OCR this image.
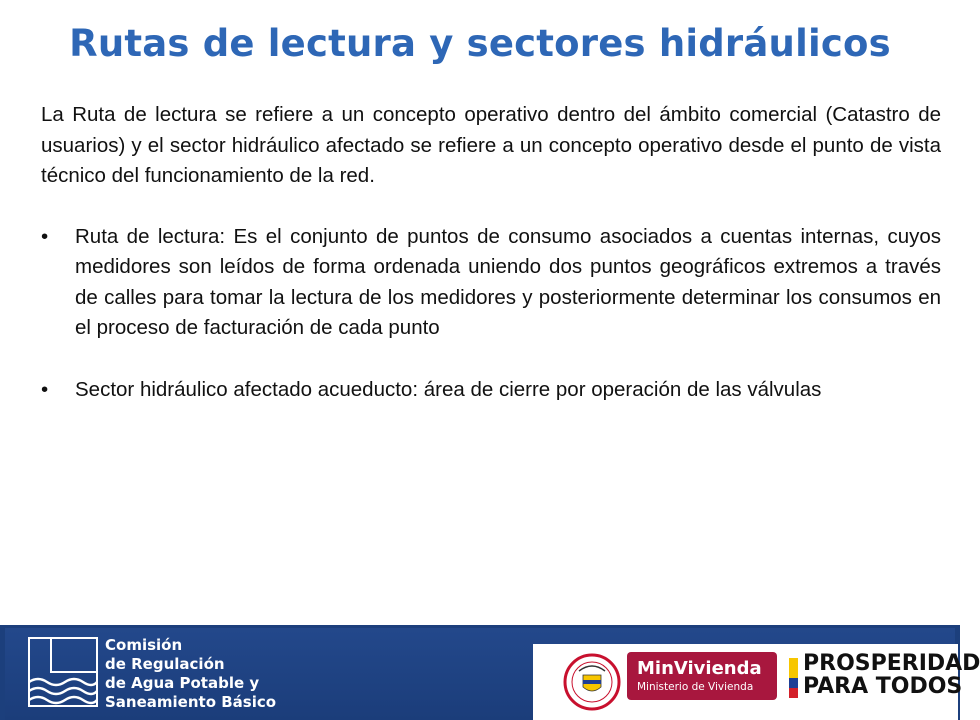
Rutas de lectura y sectores hidráulicos

La Ruta de lectura se refiere a un concepto operativo dentro del ámbito comercial (Catastro de usuarios) y el sector hidráulico afectado se refiere a un concepto operativo desde el punto de vista técnico del funcionamiento de la red.

• Ruta de lectura: Es el conjunto de puntos de consumo asociados a cuentas internas, cuyos medidores son leídos de forma ordenada uniendo dos puntos geográficos extremos a través de calles para tomar la lectura de los medidores y posteriormente determinar los consumos en el proceso de facturación de cada punto
• Sector hidráulico afectado acueducto: área de cierre por operación de las válvulas
Comisión
de Regulación
de Agua Potable y
Saneamiento Básico
MinVivienda
Ministerio de Vivienda
PROSPERIDAD
PARA TODOS
